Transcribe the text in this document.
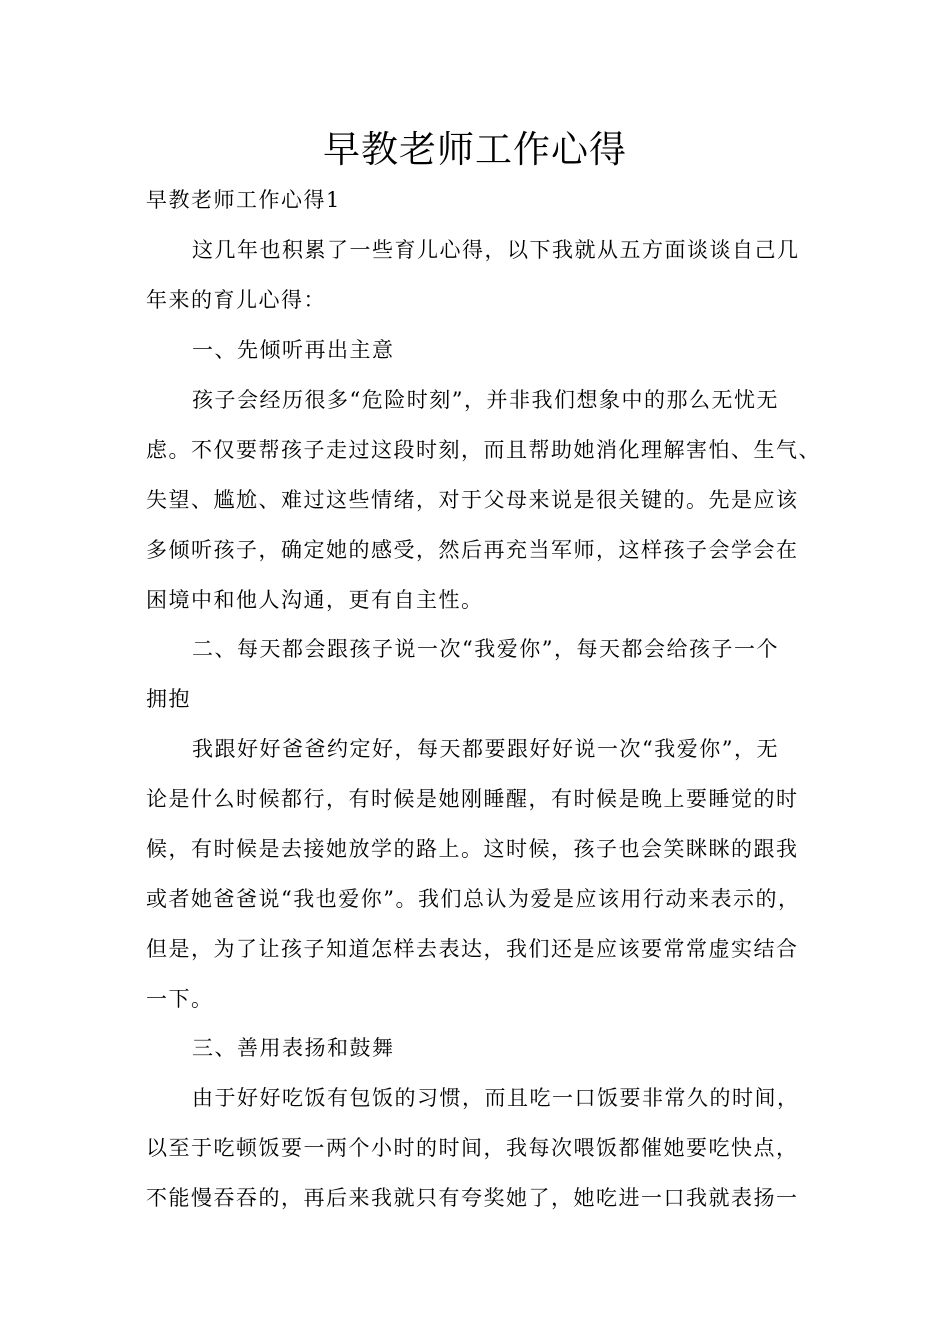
早教老师工作心得
早教老师工作心得1
这几年也积累了一些育儿心得，以下我就从五方面谈谈自己几
年来的育儿心得：
一、先倾听再出主意
孩子会经历很多“危险时刻”，并非我们想象中的那么无忧无
虑。不仅要帮孩子走过这段时刻，而且帮助她消化理解害怕、生气、
失望、尴尬、难过这些情绪，对于父母来说是很关键的。先是应该
多倾听孩子，确定她的感受，然后再充当军师，这样孩子会学会在
困境中和他人沟通，更有自主性。
二、每天都会跟孩子说一次“我爱你”，每天都会给孩子一个
拥抱
我跟好好爸爸约定好，每天都要跟好好说一次“我爱你”，无
论是什么时候都行，有时候是她刚睡醒，有时候是晚上要睡觉的时
候，有时候是去接她放学的路上。这时候，孩子也会笑眯眯的跟我
或者她爸爸说“我也爱你”。我们总认为爱是应该用行动来表示的，
但是，为了让孩子知道怎样去表达，我们还是应该要常常虚实结合
一下。
三、善用表扬和鼓舞
由于好好吃饭有包饭的习惯，而且吃一口饭要非常久的时间，
以至于吃顿饭要一两个小时的时间，我每次喂饭都催她要吃快点，
不能慢吞吞的，再后来我就只有夸奖她了，她吃进一口我就表扬一
